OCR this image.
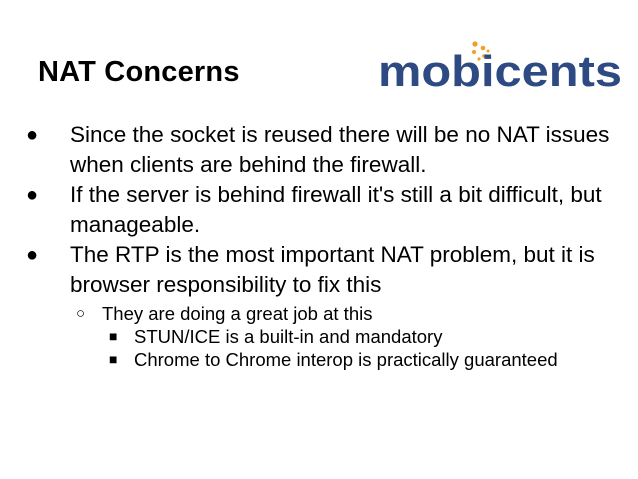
NAT Concerns	mobicents

●	Since the socket is reused there will be no NAT issues when clients are behind the firewall.

●	If the server is behind firewall it's still a bit difficult, but manageable.

●	The RTP is the most important NAT problem, but it is browser responsibility to fix this

○ They are doing a great job at this

■ STUN/ICE is a built-in and mandatory

■ Chrome to Chrome interop is practically guaranteed
